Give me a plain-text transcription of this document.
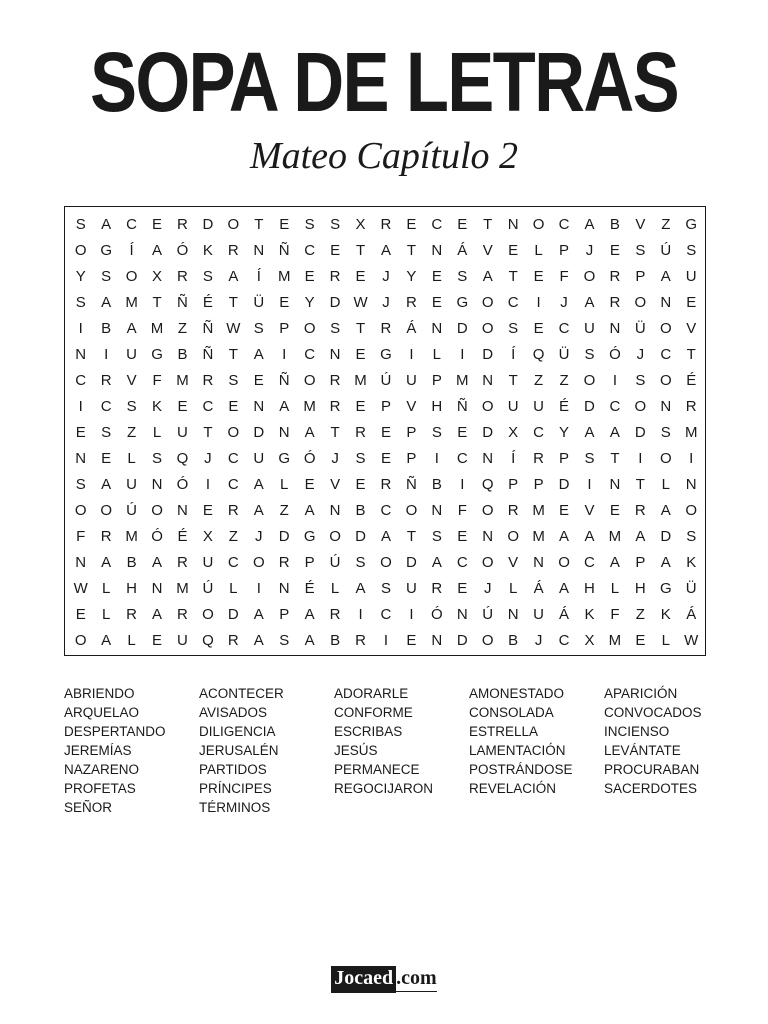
SOPA DE LETRAS
Mateo Capítulo 2
S	A	C	E	R D O	T	E	S	S	X	R	E	C	E	T	N O C	A	B	V	Z	G
O G	Í	A Ó K	R N Ñ C	E	T	A	T	N	Á	V	E	L	P	J	E	S	Ú	S
Y	S O X	R	S	A	Í	M E	R	E	J	Y	E	S	A	T	E	F	O R	P	A	U
S	A M T	Ñ	É	T	Ü	E	Y	D W J	R	E G O C	I	J	A	R O N	E
I	B	A M Z	Ñ W S	P O S	T	R	Á	N D O S	E	C U N Ü O V
N	I	U G B	Ñ	T	A	I	C N	E G	I	L	I	D	Í	Q Ü	S Ó	J	C	T
C R	V	F M R	S	E	Ñ O R M Ú U	P M N	T	Z	Z	O	I	S O É
I	C	S	K	E	C	E	N	A M R	E	P	V	H Ñ O U U	É	D C O N R
E	S	Z	L	U	T	O D N	A	T	R	E	P	S	E	D	X	C	Y	A	A	D	S M
N	E	L	S Q	J	C U G Ó	J	S	E	P	I	C N	Í	R	P	S	T	I	O	I
S	A	U N Ó	I	C	A	L	E	V	E	R Ñ	B	I	Q P	P	D	I	N	T	L	N
O O Ú O N	E	R	A	Z	A	N	B	C O N	F	O R M E	V	E	R	A O
F	R M Ó É	X	Z	J	D G O D	A	T	S	E	N O M A	A M A	D	S
N	A	B	A	R U C O R	P	Ú	S O D	A	C O V	N O C	A	P	A	K
W L	H N M Ú	L	I	N	É	L	A	S	U R	E	J	L	Á	A	H	L	H G Ü
E	L	R	A	R O D	A	P	A	R	I	C	I	Ó N Ú N U	Á	K	F	Z	K	Á
O A	L	E	U Q R	A	S	A	B	R	I	E	N D O B	J	C	X M E	L W
ABRIENDO	ACONTECER	ADORARLE	AMONESTADO	APARICIÓN
ARQUELAO	AVISADOS	CONFORME	CONSOLADA	CONVOCADOS
DESPERTANDO	DILIGENCIA	ESCRIBAS	ESTRELLA	INCIENSO
JEREMÍAS	JERUSALÉN	JESÚS	LAMENTACIÓN	LEVÁNTATE
NAZARENO	PARTIDOS	PERMANECE	POSTRÁNDOSE	PROCURABAN
PROFETAS	PRÍNCIPES	REGOCIJARON	REVELACIÓN	SACERDOTES
SEÑOR	TÉRMINOS
Jocaed .com
